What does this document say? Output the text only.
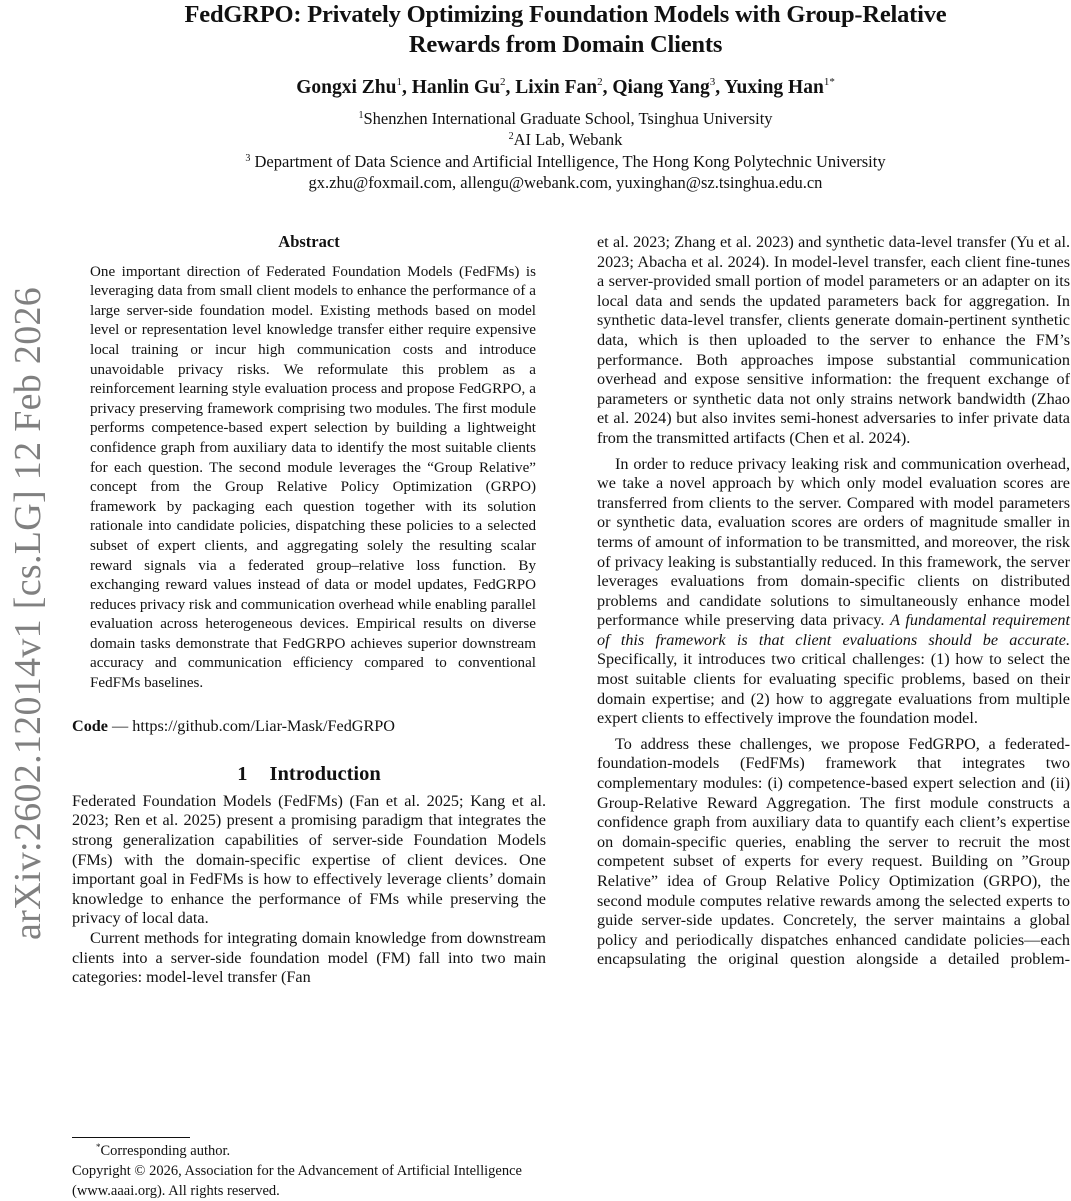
FedGRPO: Privately Optimizing Foundation Models with Group-Relative
Rewards from Domain Clients
Gongxi Zhu$^1$, Hanlin Gu$^2$, Lixin Fan$^2$, Qiang Yang$^3$, Yuxing Han$^{1*}$
$^1$Shenzhen International Graduate School, Tsinghua University
$^2$AI Lab, Webank
$^3$ Department of Data Science and Artificial Intelligence, The Hong Kong Polytechnic University
gx.zhu@foxmail.com, allengu@webank.com, yuxinghan@sz.tsinghua.edu.cn
arXiv:2602.12014v1 [cs.LG] 12 Feb 2026
Abstract

One important direction of Federated Foundation Models (FedFMs) is leveraging data from small client models to enhance the performance of a large server-side foundation model. Existing methods based on model level or representation level knowledge transfer either require expensive local training or incur high communication costs and introduce unavoidable privacy risks. We reformulate this problem as a reinforcement learning style evaluation process and propose FedGRPO, a privacy preserving framework comprising two modules. The first module performs competence-based expert selection by building a lightweight confidence graph from auxiliary data to identify the most suitable clients for each question. The second module leverages the “Group Relative” concept from the Group Relative Policy Optimization (GRPO) framework by packaging each question together with its solution rationale into candidate policies, dispatching these policies to a selected subset of expert clients, and aggregating solely the resulting scalar reward signals via a federated group–relative loss function. By exchanging reward values instead of data or model updates, FedGRPO reduces privacy risk and communication overhead while enabling parallel evaluation across heterogeneous devices. Empirical results on diverse domain tasks demonstrate that FedGRPO achieves superior downstream accuracy and communication efficiency compared to conventional FedFMs baselines.

Code — https://github.com/Liar-Mask/FedGRPO
1 Introduction

Federated Foundation Models (FedFMs) (Fan et al. 2025; Kang et al. 2023; Ren et al. 2025) present a promising paradigm that integrates the strong generalization capabilities of server-side Foundation Models (FMs) with the domain-specific expertise of client devices. One important goal in FedFMs is how to effectively leverage clients’ domain knowledge to enhance the performance of FMs while preserving the privacy of local data.

Current methods for integrating domain knowledge from downstream clients into a server-side foundation model (FM) fall into two main categories: model-level transfer (Fan

*Corresponding author.
Copyright © 2026, Association for the Advancement of Artificial Intelligence (www.aaai.org). All rights reserved.

et al. 2023; Zhang et al. 2023) and synthetic data-level transfer (Yu et al. 2023; Abacha et al. 2024). In model-level transfer, each client fine-tunes a server-provided small portion of model parameters or an adapter on its local data and sends the updated parameters back for aggregation. In synthetic data-level transfer, clients generate domain-pertinent synthetic data, which is then uploaded to the server to enhance the FM’s performance. Both approaches impose substantial communication overhead and expose sensitive information: the frequent exchange of parameters or synthetic data not only strains network bandwidth (Zhao et al. 2024) but also invites semi-honest adversaries to infer private data from the transmitted artifacts (Chen et al. 2024).

In order to reduce privacy leaking risk and communication overhead, we take a novel approach by which only model evaluation scores are transferred from clients to the server. Compared with model parameters or synthetic data, evaluation scores are orders of magnitude smaller in terms of amount of information to be transmitted, and moreover, the risk of privacy leaking is substantially reduced. In this framework, the server leverages evaluations from domain-specific clients on distributed problems and candidate solutions to simultaneously enhance model performance while preserving data privacy. A fundamental requirement of this framework is that client evaluations should be accurate. Specifically, it introduces two critical challenges: (1) how to select the most suitable clients for evaluating specific problems, based on their domain expertise; and (2) how to aggregate evaluations from multiple expert clients to effectively improve the foundation model.

To address these challenges, we propose FedGRPO, a federated-foundation-models (FedFMs) framework that integrates two complementary modules: (i) competence-based expert selection and (ii) Group-Relative Reward Aggregation. The first module constructs a confidence graph from auxiliary data to quantify each client’s expertise on domain-specific queries, enabling the server to recruit the most competent subset of experts for every request. Building on ”Group Relative” idea of Group Relative Policy Optimization (GRPO), the second module computes relative rewards among the selected experts to guide server-side updates. Concretely, the server maintains a global policy and periodically dispatches enhanced candidate policies—each encapsulating the original question alongside a detailed problem-
